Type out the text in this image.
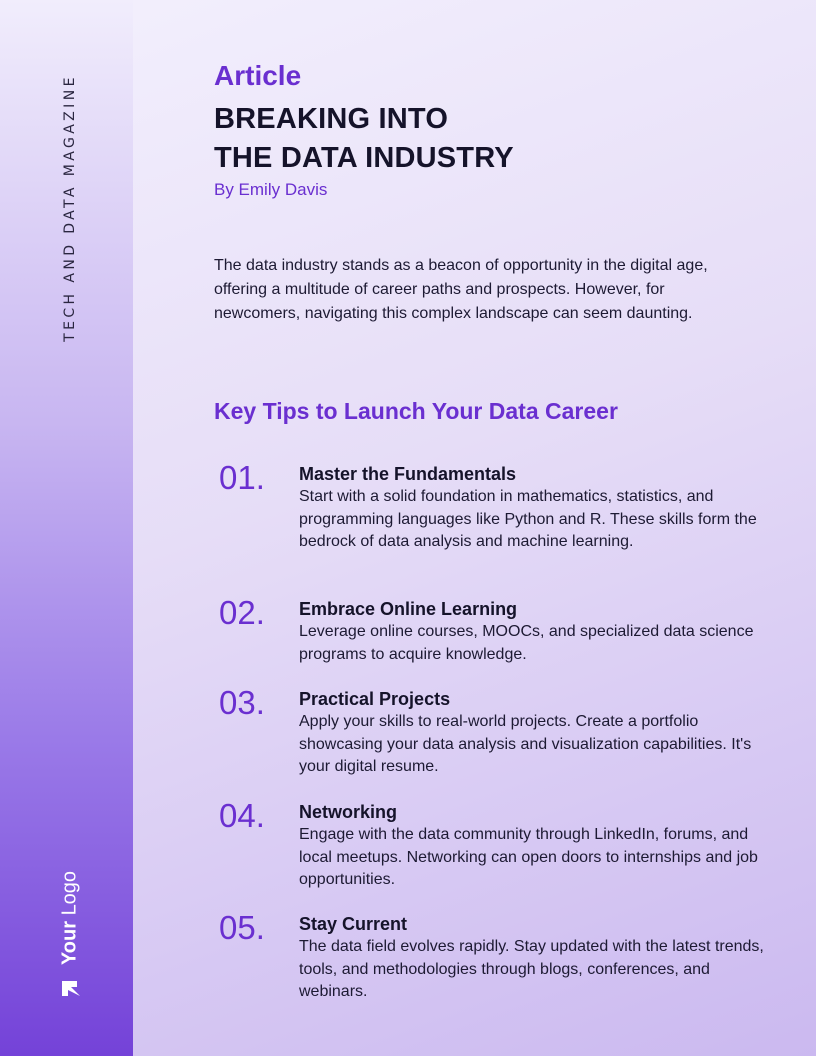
TECH AND DATA MAGAZINE
Your Logo
Article
BREAKING INTO
THE DATA INDUSTRY
By Emily Davis

The data industry stands as a beacon of opportunity in the digital age, offering a multitude of career paths and prospects. However, for newcomers, navigating this complex landscape can seem daunting.

Key Tips to Launch Your Data Career
01. Master the Fundamentals
Start with a solid foundation in mathematics, statistics, and programming languages like Python and R. These skills form the bedrock of data analysis and machine learning.
02. Embrace Online Learning
Leverage online courses, MOOCs, and specialized data science programs to acquire knowledge.
03. Practical Projects
Apply your skills to real-world projects. Create a portfolio showcasing your data analysis and visualization capabilities. It's your digital resume.
04. Networking
Engage with the data community through LinkedIn, forums, and local meetups. Networking can open doors to internships and job opportunities.
05. Stay Current
The data field evolves rapidly. Stay updated with the latest trends, tools, and methodologies through blogs, conferences, and webinars.
